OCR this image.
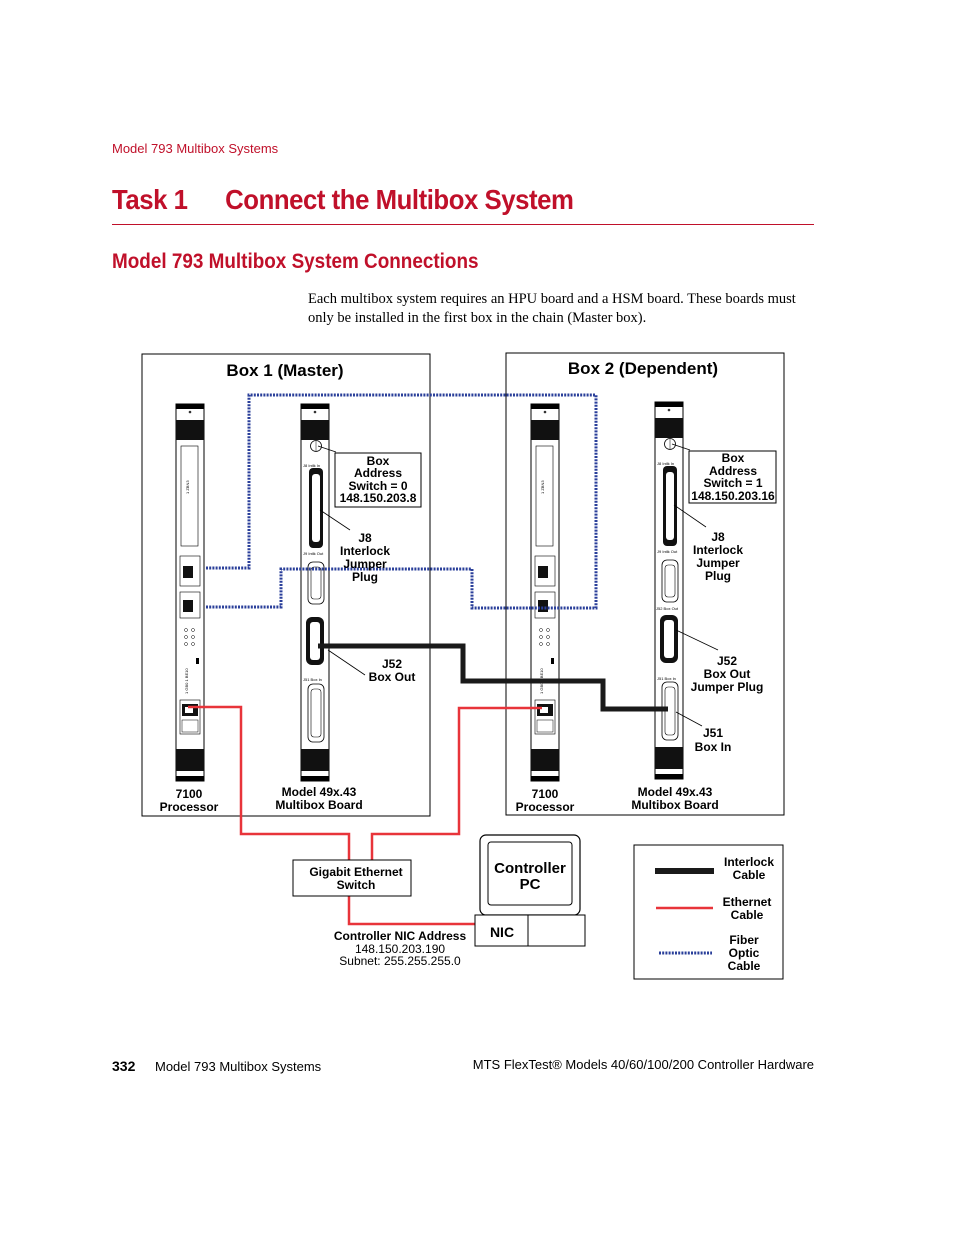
Model 793 Multibox Systems
Task 1 Connect the Multibox System
Model 793 Multibox System Connections
Each multibox system requires an HPU board and a HSM board. These boards must only be installed in the first box in the chain (Master box).
1 ZBN3
1 GB0 1 BE10
Box 1 (Master)	Box 2 (Dependent)
J8 Intlk In
J9 Intlk Out
J51 Box In
J8 Intlk In
J9 Intlk Out
J52 Box Out
J51 Box In
Box
Address
Switch = 0
148.150.203.8
J8
Interlock
Jumper
Plug
J52
Box Out
7100
Processor
Model 49x.43
Multibox Board
Box
Address
Switch = 1
148.150.203.16
J8
Interlock
Jumper
Plug
J52
Box Out
Jumper Plug
J51
Box In
7100
Processor
Model 49x.43
Multibox Board
Gigabit Ethernet
Switch
Controller NIC Address
148.150.203.190
Subnet: 255.255.255.0
Controller
PC
NIC
Interlock
Cable
Ethernet
Cable
Fiber
Optic
Cable
332 Model 793 Multibox Systems	MTS FlexTest® Models 40/60/100/200 Controller Hardware
